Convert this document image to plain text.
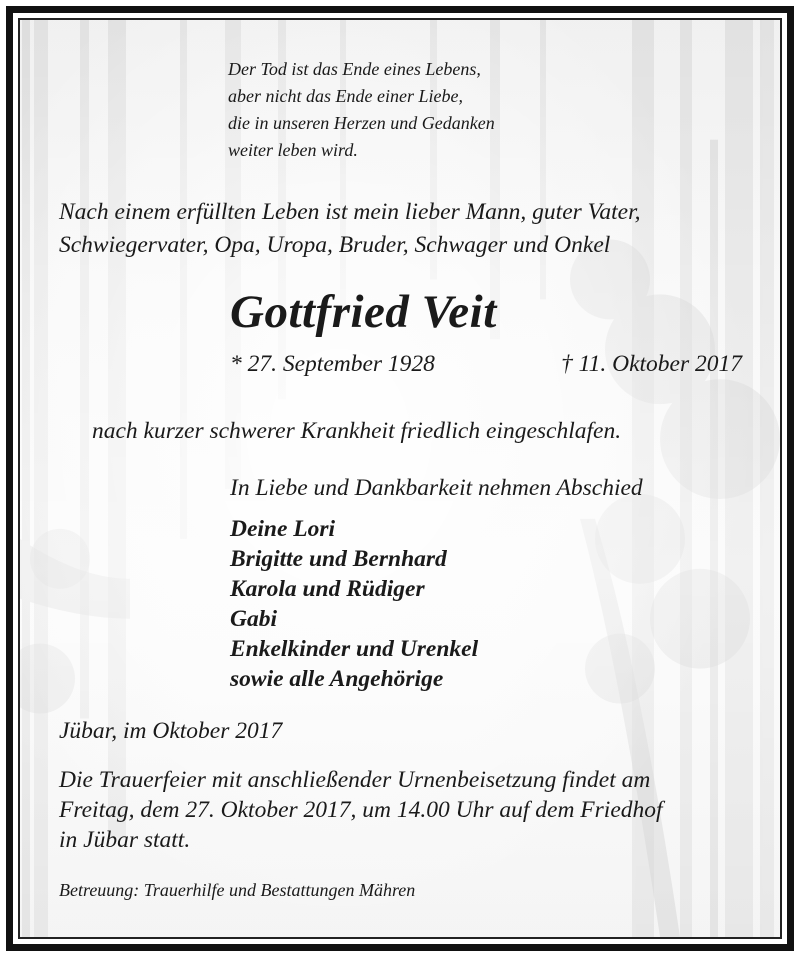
Der Tod ist das Ende eines Lebens,
aber nicht das Ende einer Liebe,
die in unseren Herzen und Gedanken
weiter leben wird.
Nach einem erfüllten Leben ist mein lieber Mann, guter Vater,
Schwiegervater, Opa, Uropa, Bruder, Schwager und Onkel
Gottfried Veit
* 27. September 1928	† 11. Oktober 2017
nach kurzer schwerer Krankheit friedlich eingeschlafen.
In Liebe und Dankbarkeit nehmen Abschied
Deine Lori
Brigitte und Bernhard
Karola und Rüdiger
Gabi
Enkelkinder und Urenkel
sowie alle Angehörige
Jübar, im Oktober 2017
Die Trauerfeier mit anschließender Urnenbeisetzung findet am
Freitag, dem 27. Oktober 2017, um 14.00 Uhr auf dem Friedhof
in Jübar statt.
Betreuung: Trauerhilfe und Bestattungen Mähren
